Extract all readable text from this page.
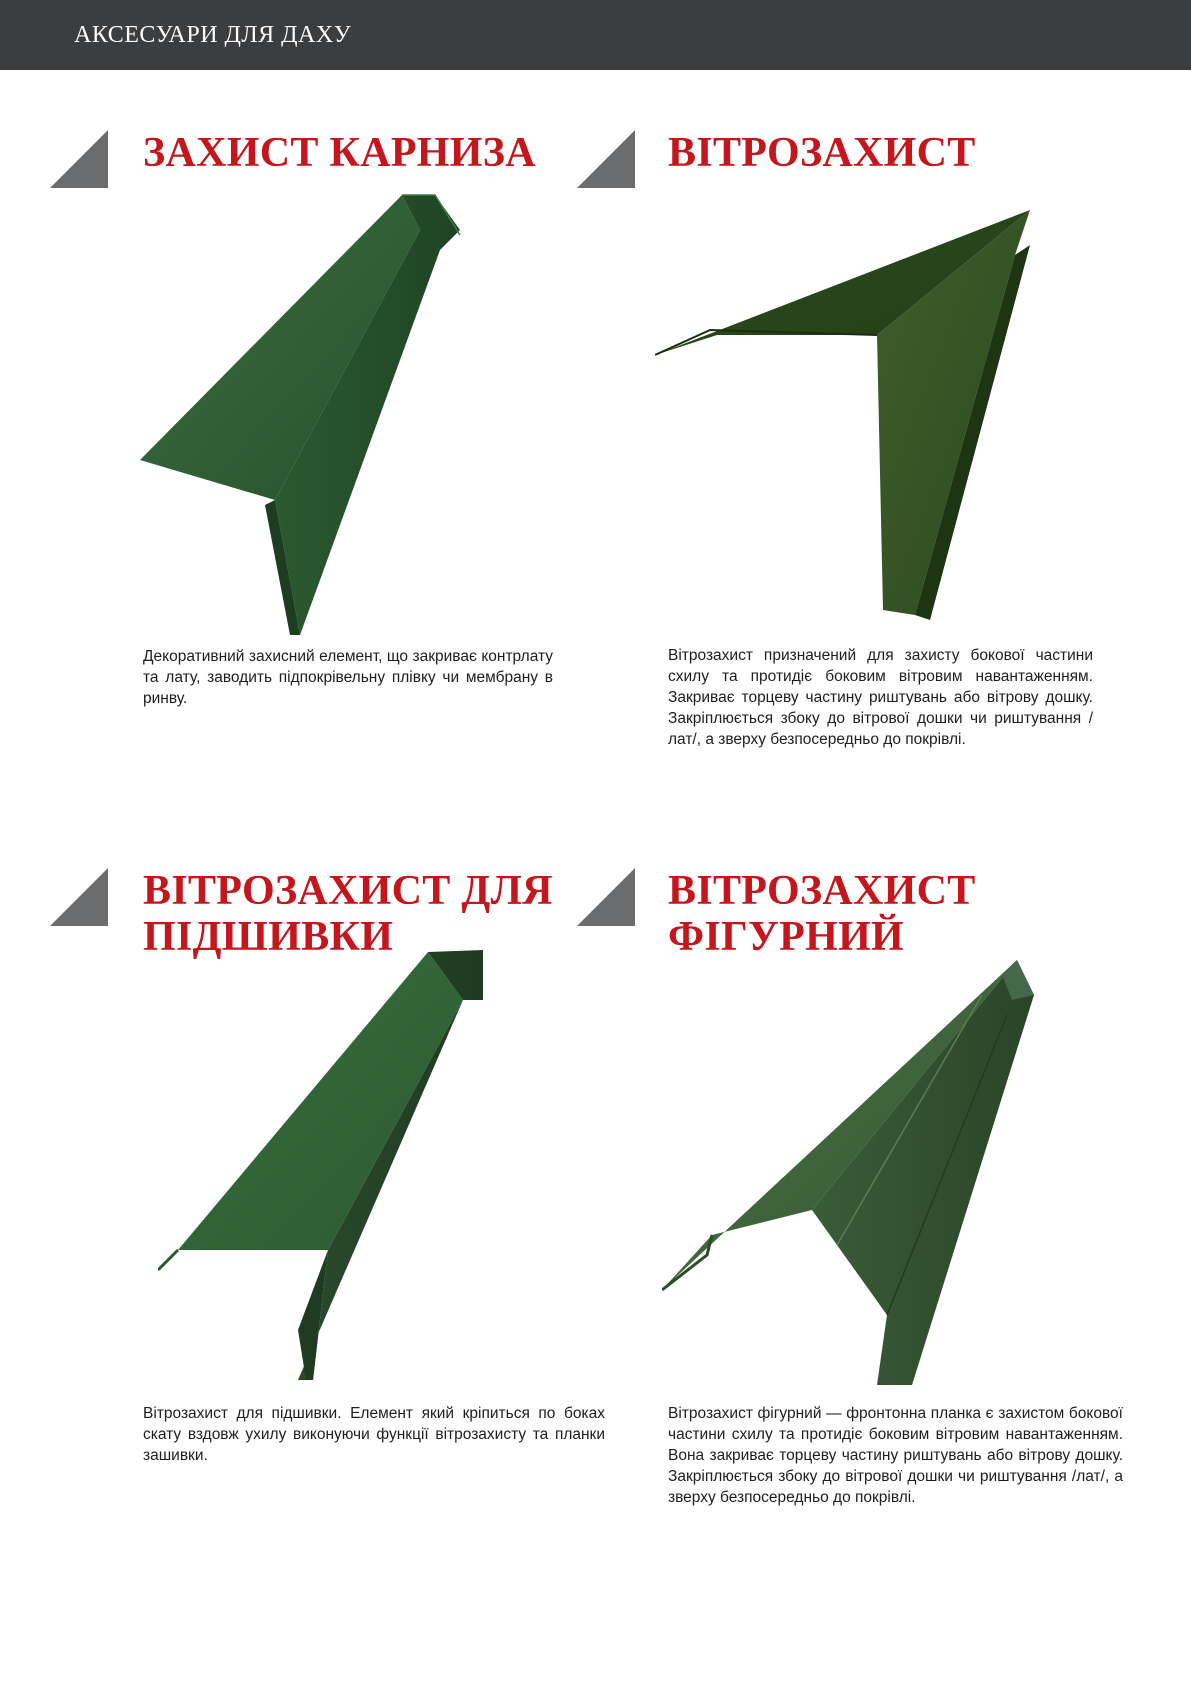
АКСЕСУАРИ ДЛЯ ДАХУ
ЗАХИСТ КАРНИЗА

Декоративний захисний елемент, що закриває контрлату та лату, заводить підпокрівельну плівку чи мембрану в ринву.

ВІТРОЗАХИСТ

Вітрозахист призначений для захисту бокової частини схилу та протидіє боковим вітровим навантаженням. Закриває торцеву частину риштувань або вітрову дошку. Закріплюється збоку до вітрової дошки чи риштування /лат/, а зверху безпосередньо до покрівлі.

ВІТРОЗАХИСТ ДЛЯ
ПІДШИВКИ

Вітрозахист для підшивки. Елемент який кріпиться по боках скату вздовж ухилу виконуючи функції вітрозахисту та планки зашивки.

ВІТРОЗАХИСТ
ФІГУРНИЙ

Вітрозахист фігурний — фронтонна планка є захистом бокової частини схилу та протидіє боковим вітровим навантаженням. Вона закриває торцеву частину риштувань або вітрову дошку. Закріплюється збоку до вітрової дошки чи риштування /лат/, а зверху безпосередньо до покрівлі.
